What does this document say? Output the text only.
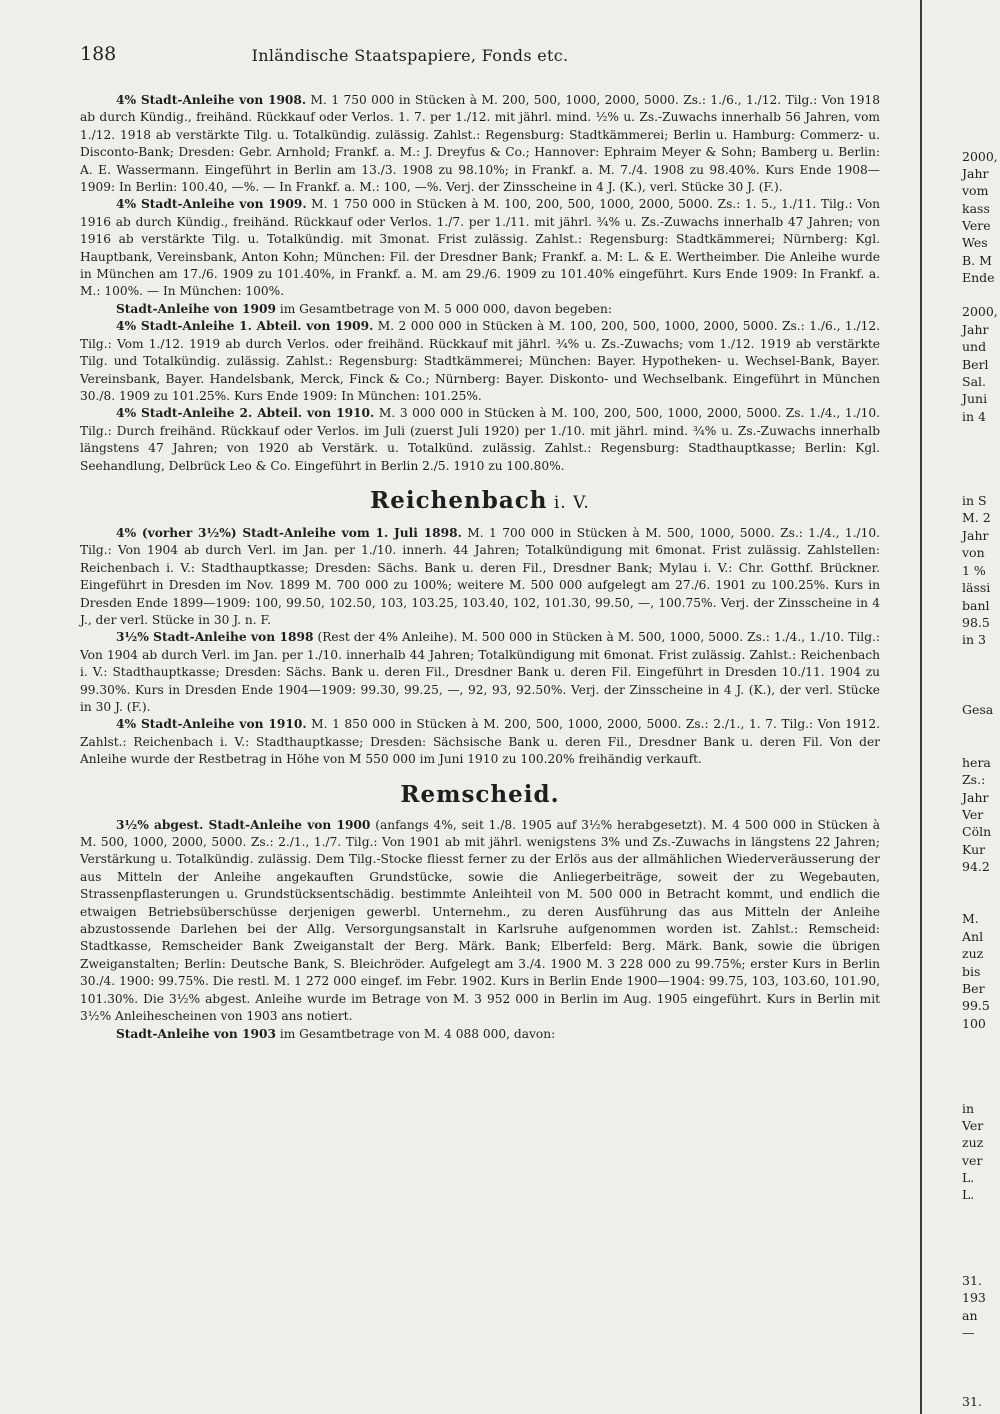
188	Inländische Staatspapiere, Fonds etc.

4% Stadt-Anleihe von 1908. M. 1 750 000 in Stücken à M. 200, 500, 1000, 2000, 5000. Zs.: 1./6., 1./12. Tilg.: Von 1918 ab durch Kündig., freihänd. Rückkauf oder Verlos. 1. 7. per 1./12. mit jährl. mind. ½% u. Zs.-Zuwachs innerhalb 56 Jahren, vom 1./12. 1918 ab verstärkte Tilg. u. Totalkündig. zulässig. Zahlst.: Regensburg: Stadtkämmerei; Berlin u. Hamburg: Commerz- u. Disconto-Bank; Dresden: Gebr. Arnhold; Frankf. a. M.: J. Dreyfus & Co.; Hannover: Ephraim Meyer & Sohn; Bamberg u. Berlin: A. E. Wassermann. Eingeführt in Berlin am 13./3. 1908 zu 98.10%; in Frankf. a. M. 7./4. 1908 zu 98.40%. Kurs Ende 1908—1909: In Berlin: 100.40, —%. — In Frankf. a. M.: 100, —%. Verj. der Zinsscheine in 4 J. (K.), verl. Stücke 30 J. (F.).

4% Stadt-Anleihe von 1909. M. 1 750 000 in Stücken à M. 100, 200, 500, 1000, 2000, 5000. Zs.: 1. 5., 1./11. Tilg.: Von 1916 ab durch Kündig., freihänd. Rückkauf oder Verlos. 1./7. per 1./11. mit jährl. ¾% u. Zs.-Zuwachs innerhalb 47 Jahren; von 1916 ab verstärkte Tilg. u. Totalkündig. mit 3monat. Frist zulässig. Zahlst.: Regensburg: Stadtkämmerei; Nürnberg: Kgl. Hauptbank, Vereinsbank, Anton Kohn; München: Fil. der Dresdner Bank; Frankf. a. M: L. & E. Wertheimber. Die Anleihe wurde in München am 17./6. 1909 zu 101.40%, in Frankf. a. M. am 29./6. 1909 zu 101.40% eingeführt. Kurs Ende 1909: In Frankf. a. M.: 100%. — In München: 100%.

Stadt-Anleihe von 1909 im Gesamtbetrage von M. 5 000 000, davon begeben:

4% Stadt-Anleihe 1. Abteil. von 1909. M. 2 000 000 in Stücken à M. 100, 200, 500, 1000, 2000, 5000. Zs.: 1./6., 1./12. Tilg.: Vom 1./12. 1919 ab durch Verlos. oder freihänd. Rückkauf mit jährl. ¾% u. Zs.-Zuwachs; vom 1./12. 1919 ab verstärkte Tilg. und Totalkündig. zulässig. Zahlst.: Regensburg: Stadtkämmerei; München: Bayer. Hypotheken- u. Wechsel-Bank, Bayer. Vereinsbank, Bayer. Handelsbank, Merck, Finck & Co.; Nürnberg: Bayer. Diskonto- und Wechselbank. Eingeführt in München 30./8. 1909 zu 101.25%. Kurs Ende 1909: In München: 101.25%.

4% Stadt-Anleihe 2. Abteil. von 1910. M. 3 000 000 in Stücken à M. 100, 200, 500, 1000, 2000, 5000. Zs. 1./4., 1./10. Tilg.: Durch freihänd. Rückkauf oder Verlos. im Juli (zuerst Juli 1920) per 1./10. mit jährl. mind. ¾% u. Zs.-Zuwachs innerhalb längstens 47 Jahren; von 1920 ab Verstärk. u. Totalkünd. zulässig. Zahlst.: Regensburg: Stadthauptkasse; Berlin: Kgl. Seehandlung, Delbrück Leo & Co. Eingeführt in Berlin 2./5. 1910 zu 100.80%.

Reichenbach i. V.

4% (vorher 3½%) Stadt-Anleihe vom 1. Juli 1898. M. 1 700 000 in Stücken à M. 500, 1000, 5000. Zs.: 1./4., 1./10. Tilg.: Von 1904 ab durch Verl. im Jan. per 1./10. innerh. 44 Jahren; Totalkündigung mit 6monat. Frist zulässig. Zahlstellen: Reichenbach i. V.: Stadthauptkasse; Dresden: Sächs. Bank u. deren Fil., Dresdner Bank; Mylau i. V.: Chr. Gotthf. Brückner. Eingeführt in Dresden im Nov. 1899 M. 700 000 zu 100%; weitere M. 500 000 aufgelegt am 27./6. 1901 zu 100.25%. Kurs in Dresden Ende 1899—1909: 100, 99.50, 102.50, 103, 103.25, 103.40, 102, 101.30, 99.50, —, 100.75%. Verj. der Zinsscheine in 4 J., der verl. Stücke in 30 J. n. F.

3½% Stadt-Anleihe von 1898 (Rest der 4% Anleihe). M. 500 000 in Stücken à M. 500, 1000, 5000. Zs.: 1./4., 1./10. Tilg.: Von 1904 ab durch Verl. im Jan. per 1./10. innerhalb 44 Jahren; Totalkündigung mit 6monat. Frist zulässig. Zahlst.: Reichenbach i. V.: Stadthauptkasse; Dresden: Sächs. Bank u. deren Fil., Dresdner Bank u. deren Fil. Eingeführt in Dresden 10./11. 1904 zu 99.30%. Kurs in Dresden Ende 1904—1909: 99.30, 99.25, —, 92, 93, 92.50%. Verj. der Zinsscheine in 4 J. (K.), der verl. Stücke in 30 J. (F.).

4% Stadt-Anleihe von 1910. M. 1 850 000 in Stücken à M. 200, 500, 1000, 2000, 5000. Zs.: 2./1., 1. 7. Tilg.: Von 1912. Zahlst.: Reichenbach i. V.: Stadthauptkasse; Dresden: Sächsische Bank u. deren Fil., Dresdner Bank u. deren Fil. Von der Anleihe wurde der Restbetrag in Höhe von M 550 000 im Juni 1910 zu 100.20% freihändig verkauft.

Remscheid.

3½% abgest. Stadt-Anleihe von 1900 (anfangs 4%, seit 1./8. 1905 auf 3½% herabgesetzt). M. 4 500 000 in Stücken à M. 500, 1000, 2000, 5000. Zs.: 2./1., 1./7. Tilg.: Von 1901 ab mit jährl. wenigstens 3% und Zs.-Zuwachs in längstens 22 Jahren; Verstärkung u. Totalkündig. zulässig. Dem Tilg.-Stocke fliesst ferner zu der Erlös aus der allmählichen Wiederveräusserung der aus Mitteln der Anleihe angekauften Grundstücke, sowie die Anliegerbeiträge, soweit der zu Wegebauten, Strassenpflasterungen u. Grundstücksentschädig. bestimmte Anleihteil von M. 500 000 in Betracht kommt, und endlich die etwaigen Betriebsüberschüsse derjenigen gewerbl. Unternehm., zu deren Ausführung das aus Mitteln der Anleihe abzustossende Darlehen bei der Allg. Versorgungsanstalt in Karlsruhe aufgenommen worden ist. Zahlst.: Remscheid: Stadtkasse, Remscheider Bank Zweiganstalt der Berg. Märk. Bank; Elberfeld: Berg. Märk. Bank, sowie die übrigen Zweiganstalten; Berlin: Deutsche Bank, S. Bleichröder. Aufgelegt am 3./4. 1900 M. 3 228 000 zu 99.75%; erster Kurs in Berlin 30./4. 1900: 99.75%. Die restl. M. 1 272 000 eingef. im Febr. 1902. Kurs in Berlin Ende 1900—1904: 99.75, 103, 103.60, 101.90, 101.30%. Die 3½% abgest. Anleihe wurde im Betrage von M. 3 952 000 in Berlin im Aug. 1905 eingeführt. Kurs in Berlin mit 3½% Anleihescheinen von 1903 ans notiert.

Stadt-Anleihe von 1903 im Gesamtbetrage von M. 4 088 000, davon:

2000,
Jahr
vom
kass
Vere
Wes
B. M
Ende
2000,
Jahr
und
Berl
Sal.
Juni
in 4
in S
M. 2
Jahr
von
1 %
lässi
banl
98.5
in 3
Gesa
hera
Zs.:
Jahr
Ver
Cöln
Kur
94.2
M.
Anl
zuz
bis
Ber
99.5
100
in
Ver
zuz
ver
L.
L.
31.
193
an
—
31.
